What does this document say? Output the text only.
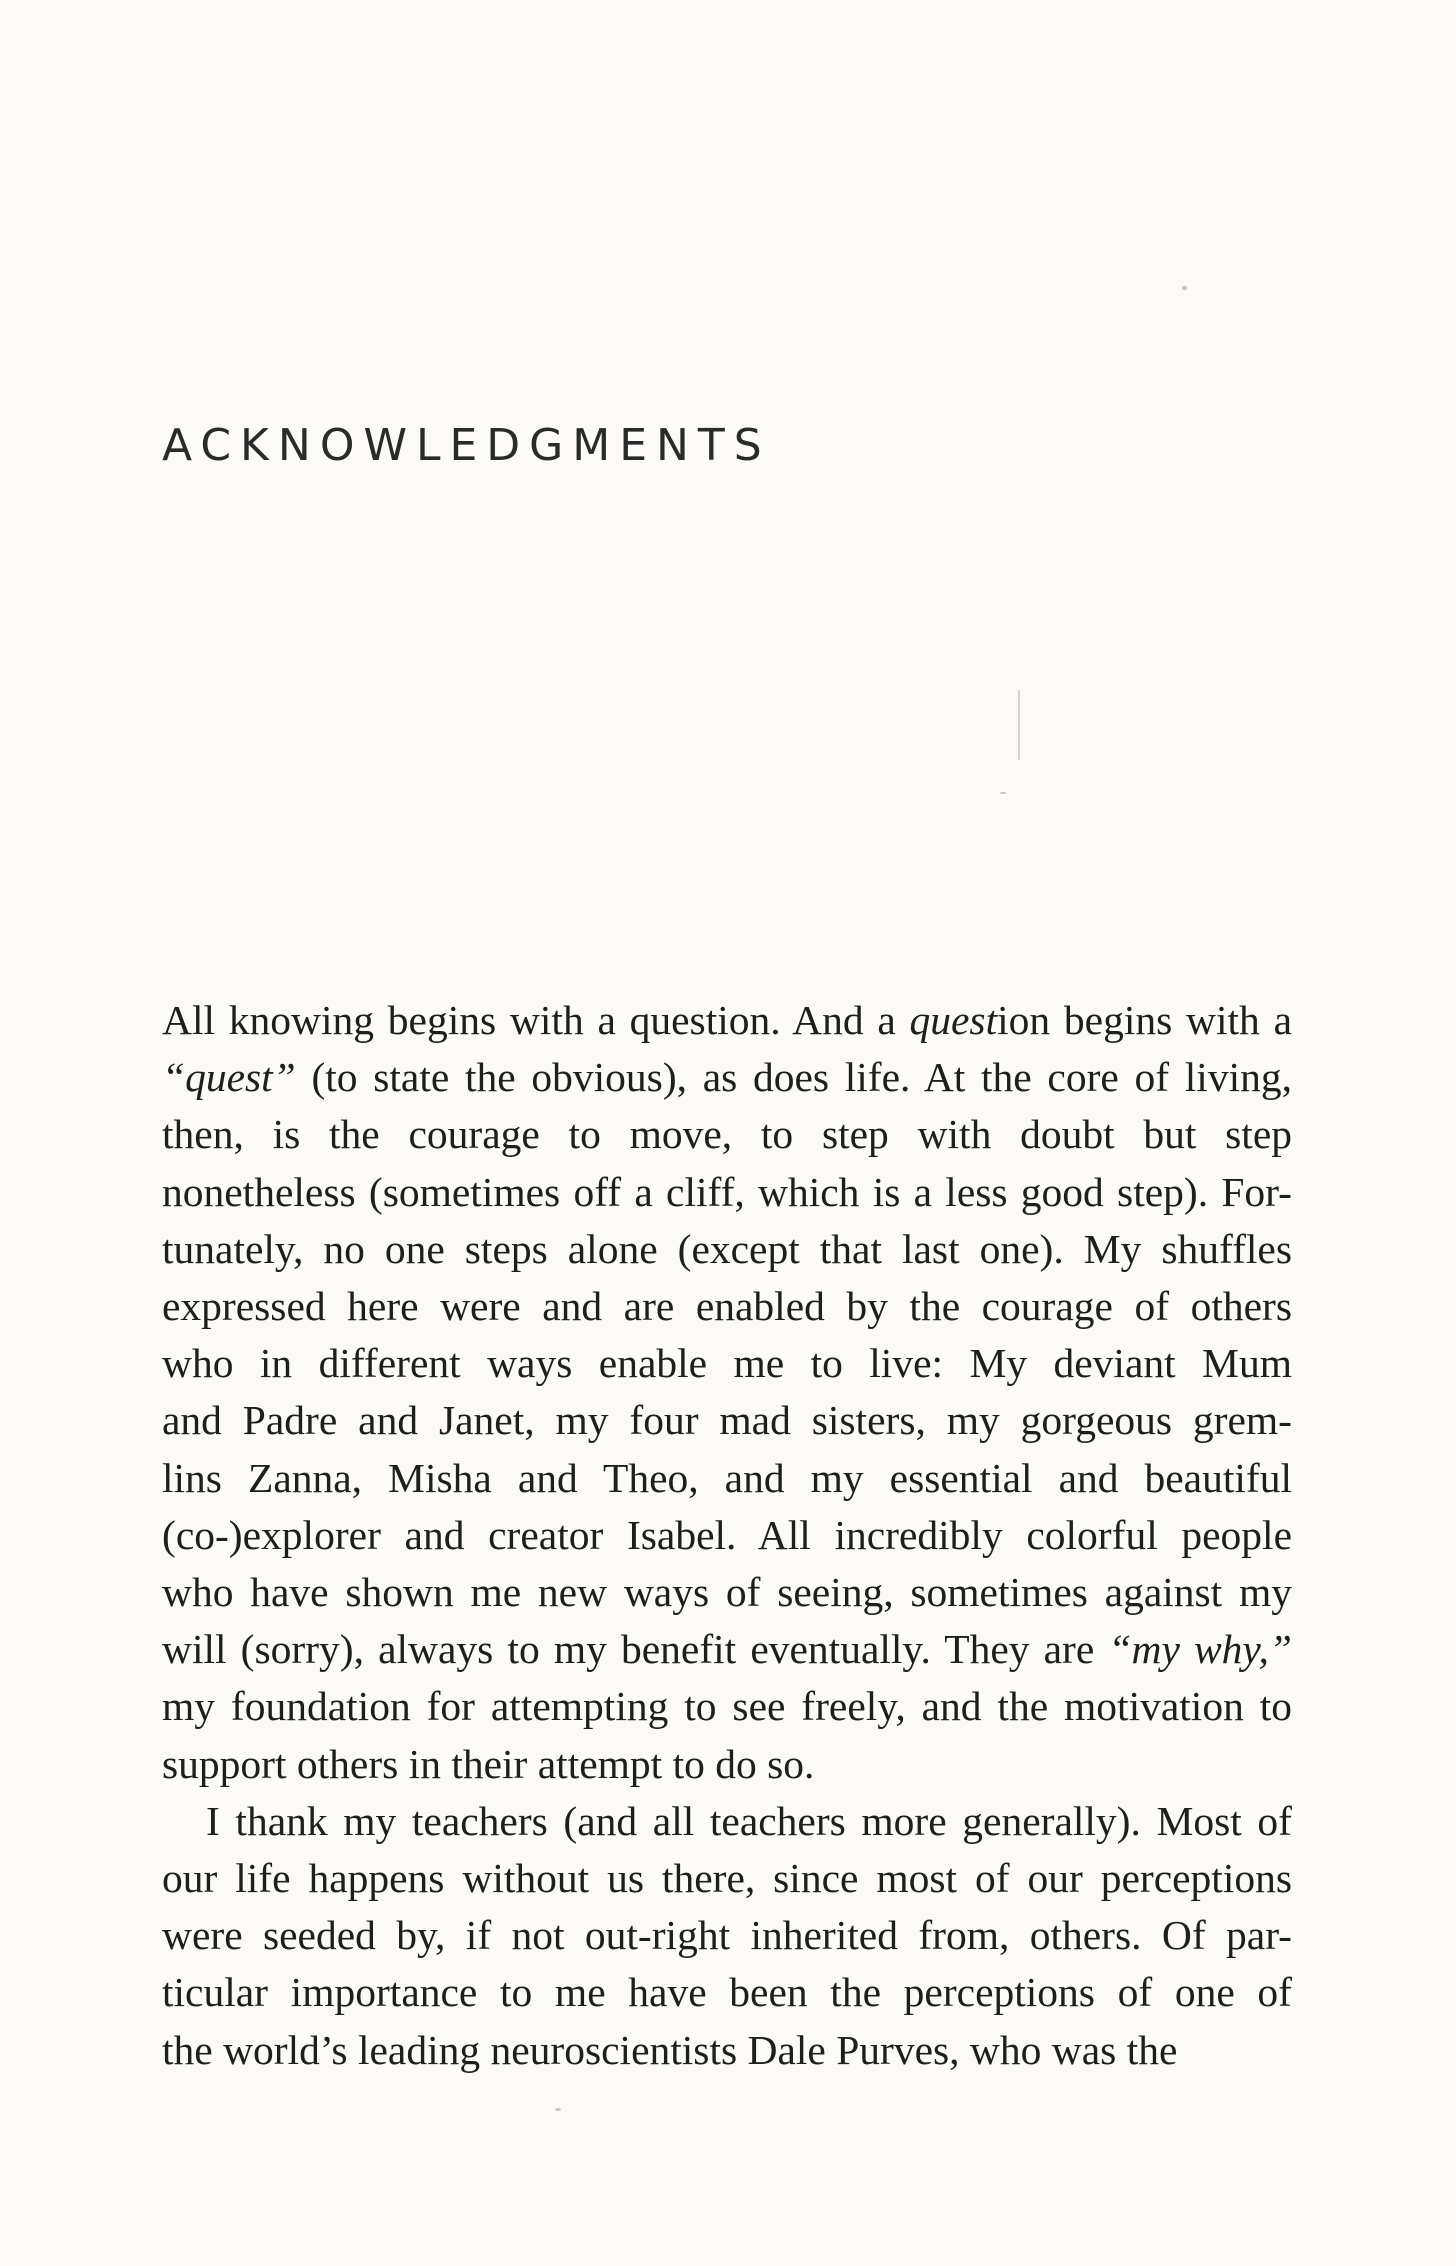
ACKNOWLEDGMENTS

All knowing begins with a question. And a question begins with a
“quest” (to state the obvious), as does life. At the core of living,
then, is the courage to move, to step with doubt but step
nonetheless (sometimes off a cliff, which is a less good step). For-
tunately, no one steps alone (except that last one). My shuffles
expressed here were and are enabled by the courage of others
who in different ways enable me to live: My deviant Mum
and Padre and Janet, my four mad sisters, my gorgeous grem-
lins Zanna, Misha and Theo, and my essential and beautiful
(co-)explorer and creator Isabel. All incredibly colorful people
who have shown me new ways of seeing, sometimes against my
will (sorry), always to my benefit eventually. They are “my why,”
my foundation for attempting to see freely, and the motivation to
support others in their attempt to do so.

I thank my teachers (and all teachers more generally). Most of
our life happens without us there, since most of our perceptions
were seeded by, if not out-right inherited from, others. Of par-
ticular importance to me have been the perceptions of one of
the world’s leading neuroscientists Dale Purves, who was the
